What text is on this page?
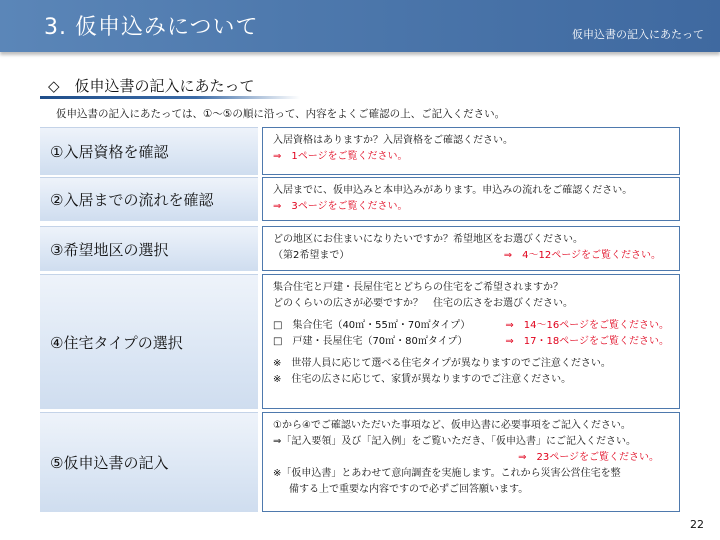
3. 仮申込みについて	仮申込書の記入にあたって
◇　仮申込書の記入にあたって
仮申込書の記入にあたっては、①～⑤の順に沿って、内容をよくご確認の上、ご記入ください。
①入居資格を確認
入居資格はありますか？入居資格をご確認ください。
⇒　1ページをご覧ください。
②入居までの流れを確認
入居までに、仮申込みと本申込みがあります。申込みの流れをご確認ください。
⇒　3ページをご覧ください。
③希望地区の選択
どの地区にお住まいになりたいですか？希望地区をお選びください。
（第2希望まで）	⇒　4～12ページをご覧ください。
④住宅タイプの選択
集合住宅と戸建・長屋住宅とどちらの住宅をご希望されますか？
どのくらいの広さが必要ですか？　住宅の広さをお選びください。
□　集合住宅（40㎡・55㎡・70㎡タイプ）	⇒　14～16ページをご覧ください。
□　戸建・長屋住宅（70㎡・80㎡タイプ）	⇒　17・18ページをご覧ください。
※　世帯人員に応じて選べる住宅タイプが異なりますのでご注意ください。
※　住宅の広さに応じて、家賃が異なりますのでご注意ください。
⑤仮申込書の記入
①から④でご確認いただいた事項など、仮申込書に必要事項をご記入ください。
⇒「記入要領」及び「記入例」をご覧いただき、「仮申込書」にご記入ください。
⇒　23ページをご覧ください。
※「仮申込書」とあわせて意向調査を実施します。これから災害公営住宅を整
備する上で重要な内容ですので必ずご回答願います。
22
